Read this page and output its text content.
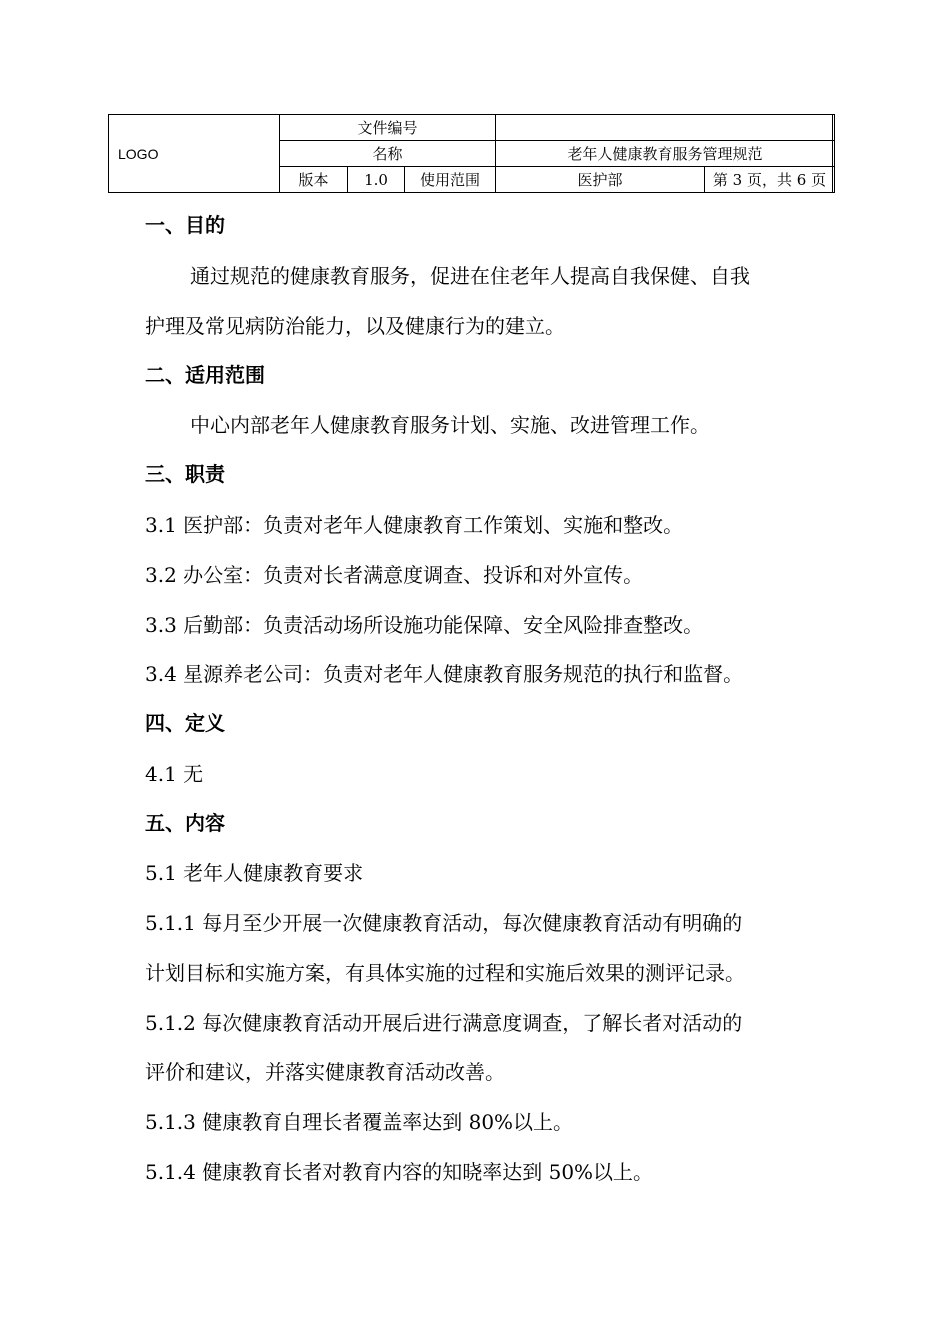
LOGO
文件编号
名称	老年人健康教育服务管理规范
版本	1.0	使用范围	医护部	第 3 页，共 6 页
一、目的
通过规范的健康教育服务，促进在住老年人提高自我保健、自我
护理及常见病防治能力，以及健康行为的建立。
二、适用范围
中心内部老年人健康教育服务计划、实施、改进管理工作。
三、职责
3.1 医护部：负责对老年人健康教育工作策划、实施和整改。
3.2 办公室：负责对长者满意度调查、投诉和对外宣传。
3.3 后勤部：负责活动场所设施功能保障、安全风险排查整改。
3.4 星源养老公司：负责对老年人健康教育服务规范的执行和监督。
四、定义
4.1 无
五、内容
5.1 老年人健康教育要求
5.1.1 每月至少开展一次健康教育活动，每次健康教育活动有明确的
计划目标和实施方案，有具体实施的过程和实施后效果的测评记录。
5.1.2 每次健康教育活动开展后进行满意度调查，了解长者对活动的
评价和建议，并落实健康教育活动改善。
5.1.3 健康教育自理长者覆盖率达到 80%以上。
5.1.4 健康教育长者对教育内容的知晓率达到 50%以上。
